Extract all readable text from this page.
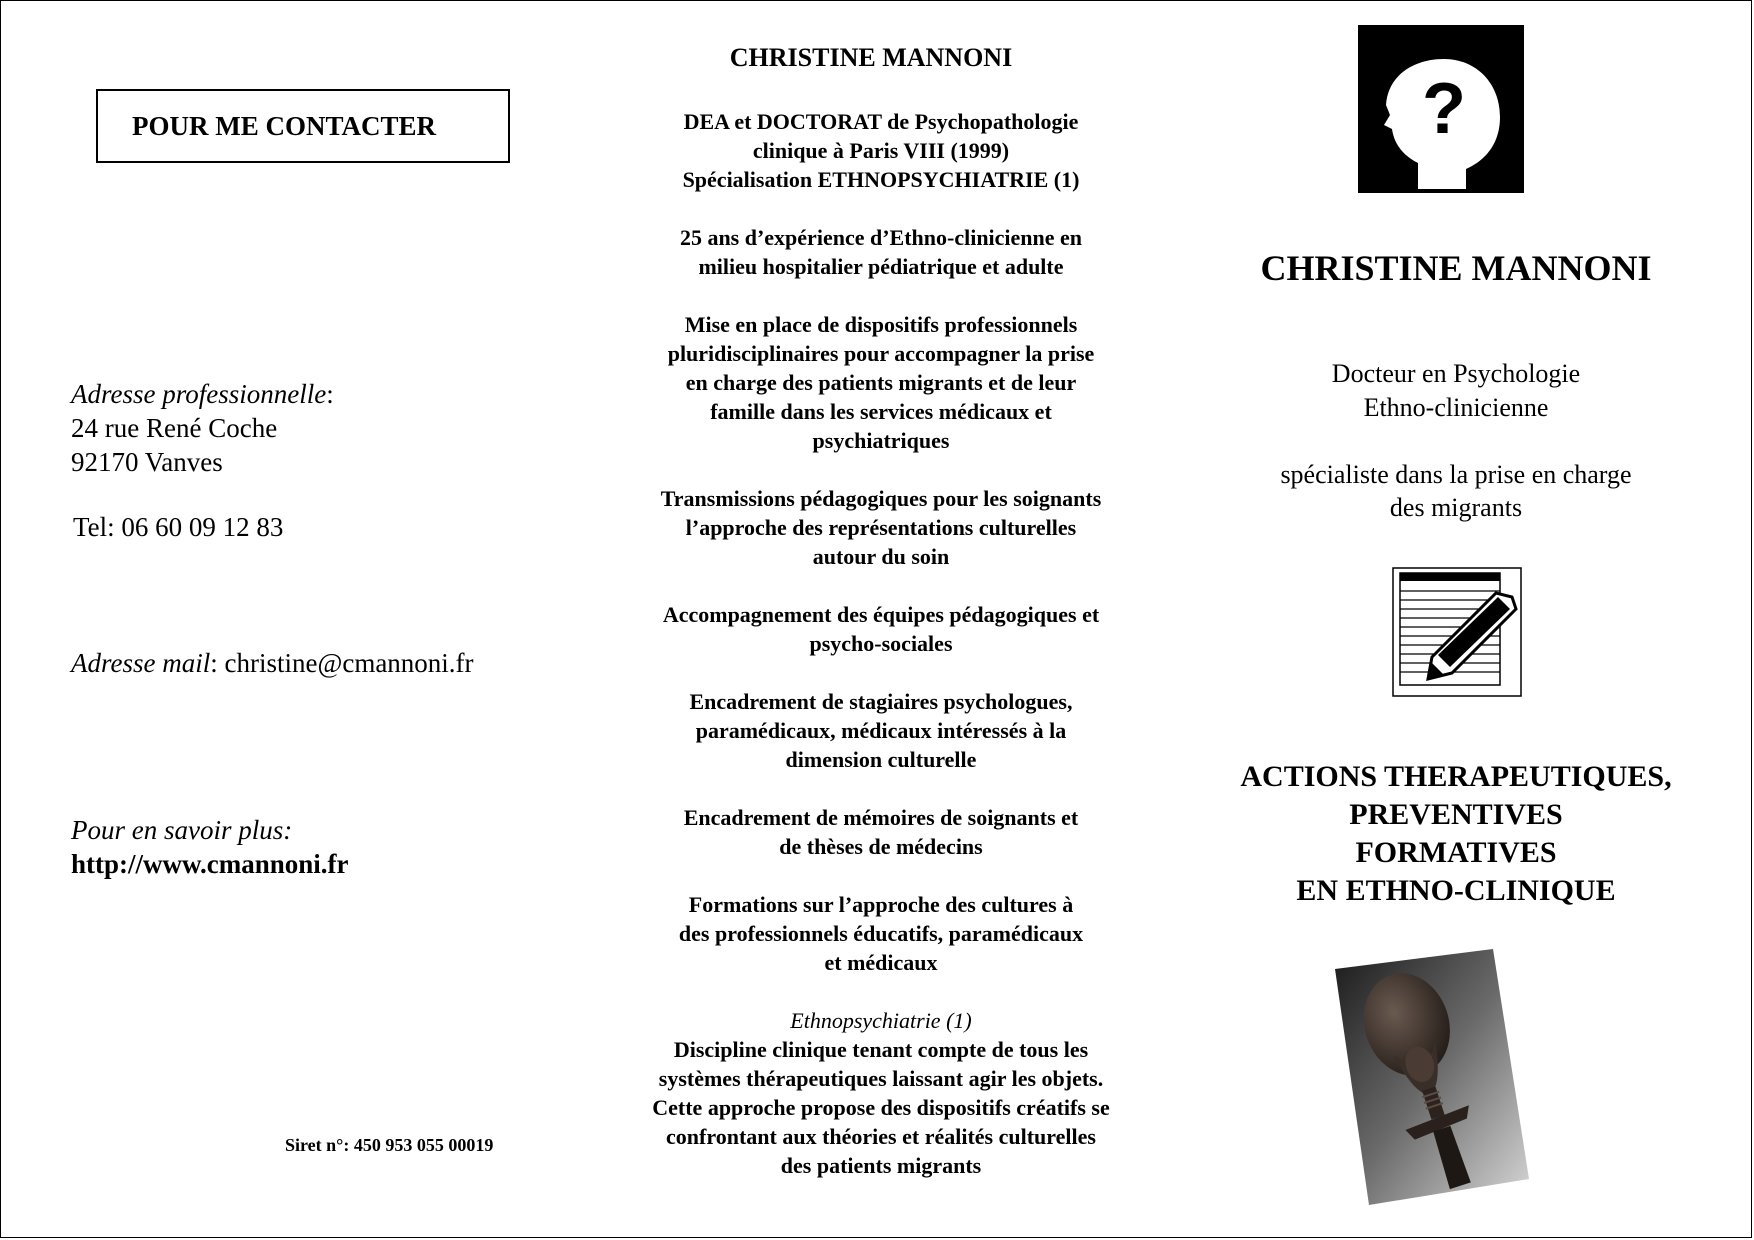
POUR ME CONTACTER
Adresse professionnelle:
24 rue René Coche
92170 Vanves
Tel: 06 60 09 12 83
Adresse mail: christine@cmannoni.fr
Pour en savoir plus:
http://www.cmannoni.fr
Siret n°: 450 953 055 00019
CHRISTINE MANNONI

DEA et DOCTORAT de Psychopathologie
clinique à Paris VIII (1999)
Spécialisation ETHNOPSYCHIATRIE (1)

25 ans d’expérience d’Ethno-clinicienne en
milieu hospitalier pédiatrique et adulte

Mise en place de dispositifs professionnels
pluridisciplinaires pour accompagner la prise
en charge des patients migrants et de leur
famille dans les services médicaux et
psychiatriques

Transmissions pédagogiques pour les soignants
l’approche des représentations culturelles
autour du soin

Accompagnement des équipes pédagogiques et
psycho-sociales

Encadrement de stagiaires psychologues,
paramédicaux, médicaux intéressés à la
dimension culturelle

Encadrement de mémoires de soignants et
de thèses de médecins

Formations sur l’approche des cultures à
des professionnels éducatifs, paramédicaux
et médicaux

Ethnopsychiatrie (1)
Discipline clinique tenant compte de tous les
systèmes thérapeutiques laissant agir les objets.
Cette approche propose des dispositifs créatifs se
confrontant aux théories et réalités culturelles
des patients migrants

?
CHRISTINE MANNONI
Docteur en Psychologie
Ethno-clinicienne
spécialiste dans la prise en charge
des migrants
ACTIONS THERAPEUTIQUES,
PREVENTIVES
FORMATIVES
EN ETHNO-CLINIQUE
